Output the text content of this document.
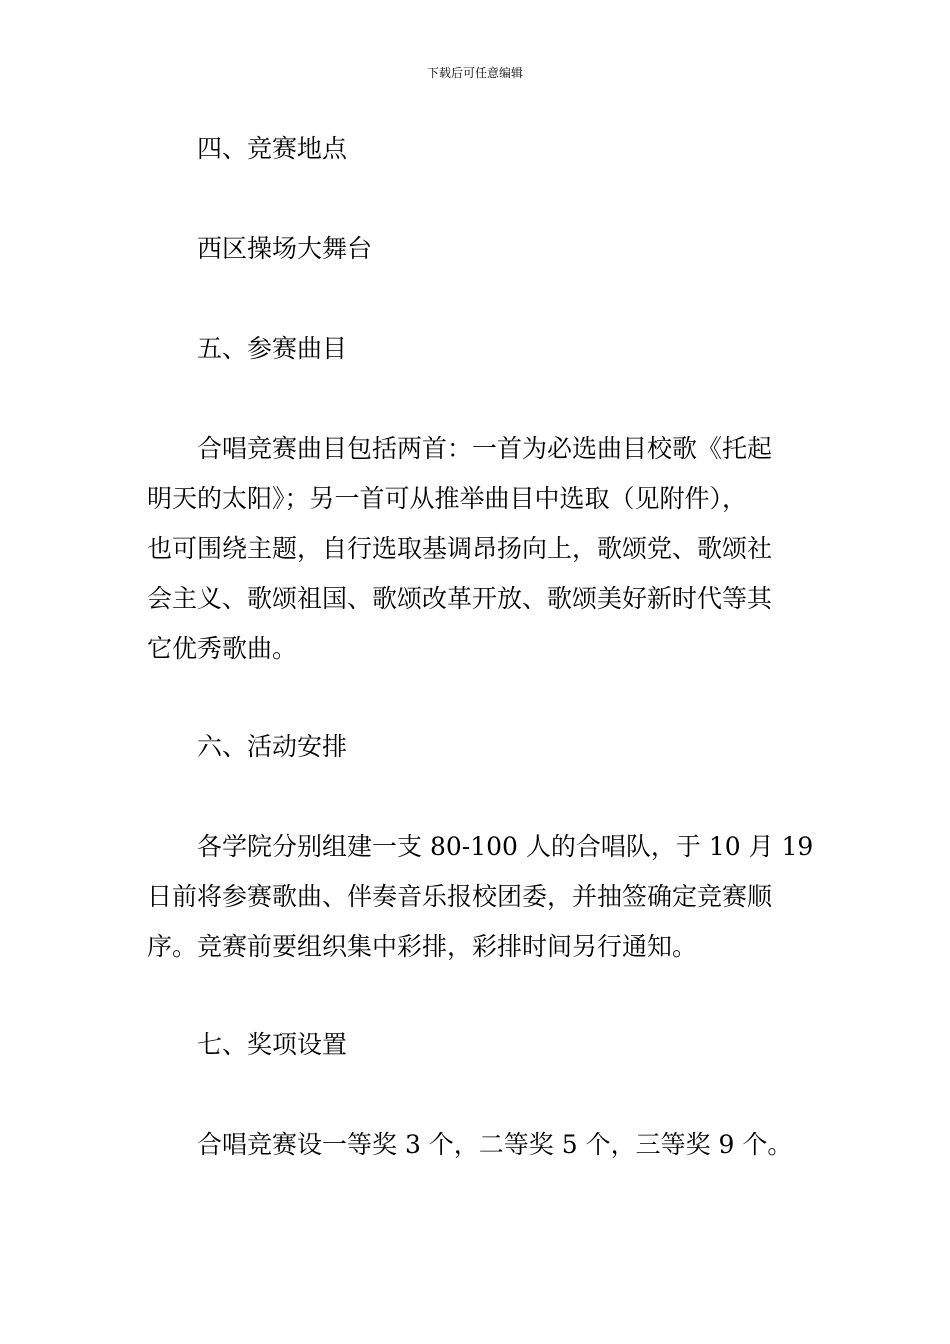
下载后可任意编辑
四、竞赛地点
西区操场大舞台
五、参赛曲目
合唱竞赛曲目包括两首：一首为必选曲目校歌《托起
明天的太阳》；另一首可从推举曲目中选取（见附件），
也可围绕主题，自行选取基调昂扬向上，歌颂党、歌颂社
会主义、歌颂祖国、歌颂改革开放、歌颂美好新时代等其
它优秀歌曲。
六、活动安排
各学院分别组建一支 80-100 人的合唱队，于 10 月 19
日前将参赛歌曲、伴奏音乐报校团委，并抽签确定竞赛顺
序。竞赛前要组织集中彩排，彩排时间另行通知。
七、奖项设置
合唱竞赛设一等奖 3 个，二等奖 5 个，三等奖 9 个。
